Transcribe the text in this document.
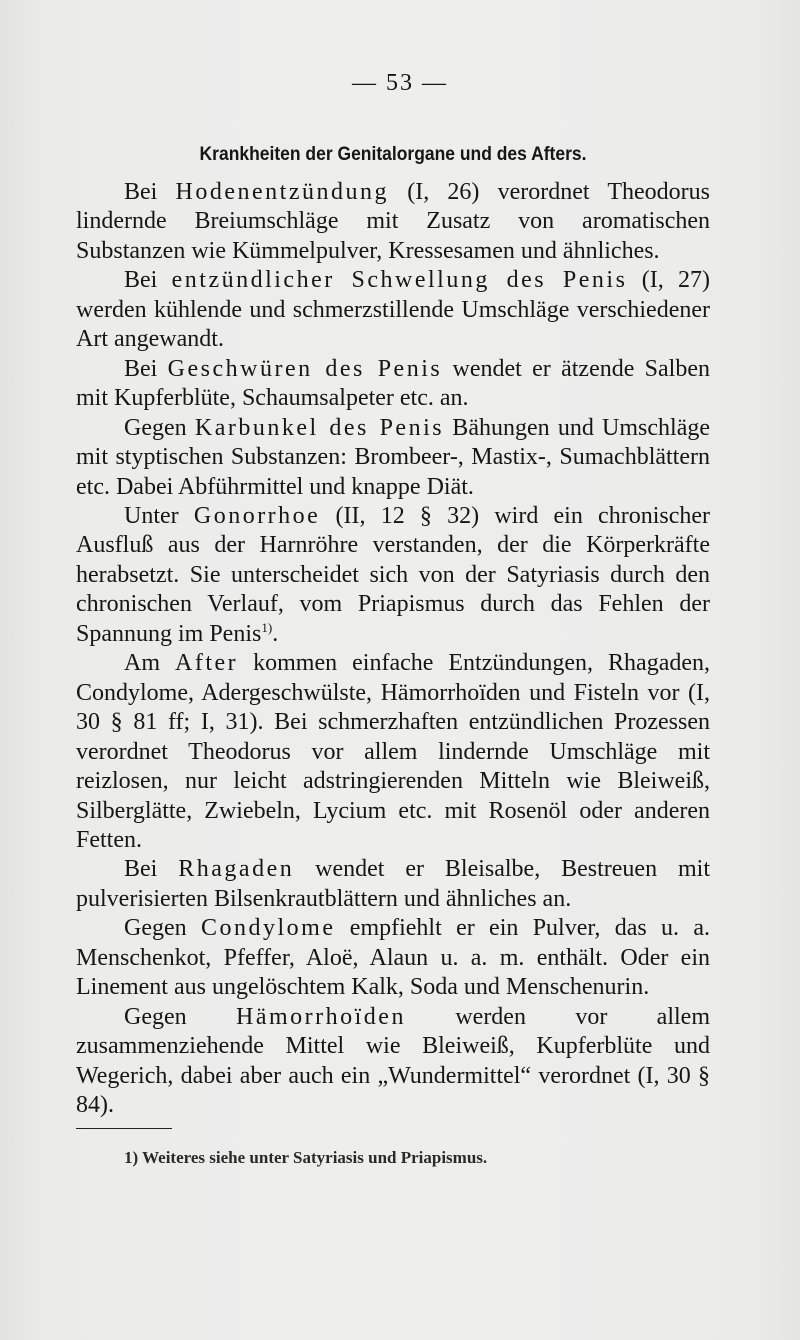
— 53 —
Krankheiten der Genitalorgane und des Afters.

Bei Hodenentzündung (I, 26) verordnet Theodorus lindernde Breiumschläge mit Zusatz von aromatischen Substanzen wie Kümmelpulver, Kressesamen und ähnliches.

Bei entzündlicher Schwellung des Penis (I, 27) werden kühlende und schmerzstillende Umschläge verschiedener Art angewandt.

Bei Geschwüren des Penis wendet er ätzende Salben mit Kupferblüte, Schaumsalpeter etc. an.

Gegen Karbunkel des Penis Bähungen und Umschläge mit styptischen Substanzen: Brombeer-, Mastix-, Sumachblättern etc. Dabei Abführmittel und knappe Diät.

Unter Gonorrhoe (II, 12 § 32) wird ein chronischer Ausfluß aus der Harnröhre verstanden, der die Körperkräfte herabsetzt. Sie unterscheidet sich von der Satyriasis durch den chronischen Verlauf, vom Priapismus durch das Fehlen der Spannung im Penis$^{1)}$.

Am After kommen einfache Entzündungen, Rhagaden, Condylome, Adergeschwülste, Hämorrhoïden und Fisteln vor (I, 30 § 81 ff; I, 31). Bei schmerzhaften entzündlichen Prozessen verordnet Theodorus vor allem lindernde Umschläge mit reizlosen, nur leicht adstringierenden Mitteln wie Bleiweiß, Silberglätte, Zwiebeln, Lycium etc. mit Rosenöl oder anderen Fetten.

Bei Rhagaden wendet er Bleisalbe, Bestreuen mit pulverisierten Bilsenkrautblättern und ähnliches an.

Gegen Condylome empfiehlt er ein Pulver, das u. a. Menschenkot, Pfeffer, Aloë, Alaun u. a. m. enthält. Oder ein Linement aus ungelöschtem Kalk, Soda und Menschenurin.

Gegen Hämorrhoïden werden vor allem zusammenziehende Mittel wie Bleiweiß, Kupferblüte und Wegerich, dabei aber auch ein „Wundermittel“ verordnet (I, 30 § 84).

1) Weiteres siehe unter Satyriasis und Priapismus.
